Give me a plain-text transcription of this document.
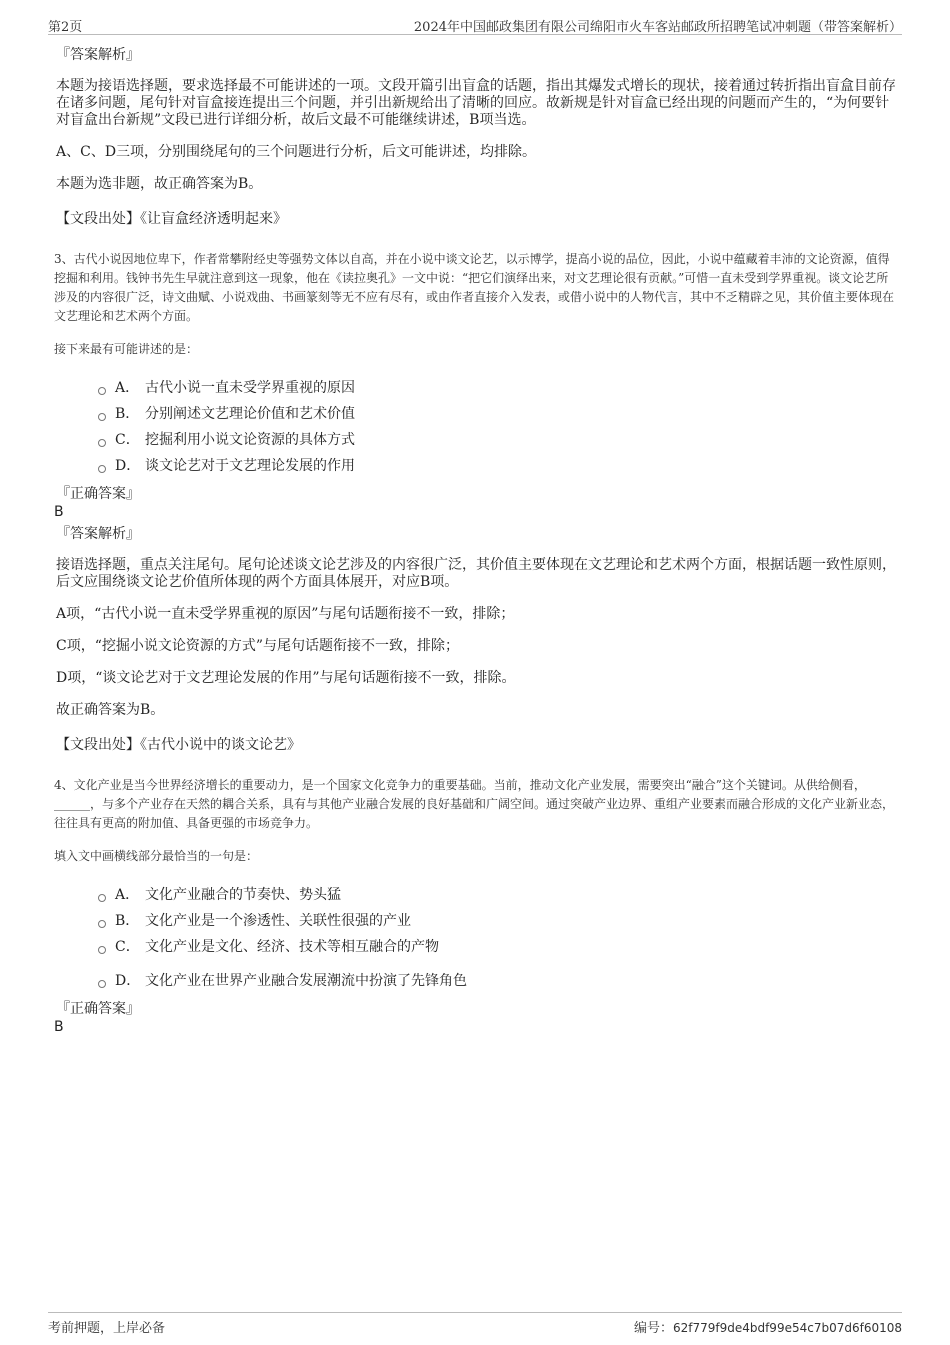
第2页	2024年中国邮政集团有限公司绵阳市火车客站邮政所招聘笔试冲刺题（带答案解析）

『答案解析』

本题为接语选择题，要求选择最不可能讲述的一项。文段开篇引出盲盒的话题，指出其爆发式增长的现状，接着通过转折指出盲盒目前存在诸多问题，尾句针对盲盒接连提出三个问题，并引出新规给出了清晰的回应。故新规是针对盲盒已经出现的问题而产生的，“为何要针对盲盒出台新规”文段已进行详细分析，故后文最不可能继续讲述，B项当选。

A、C、D三项，分别围绕尾句的三个问题进行分析，后文可能讲述，均排除。

本题为选非题，故正确答案为B。

【文段出处】《让盲盒经济透明起来》

3、古代小说因地位卑下，作者常攀附经史等强势文体以自高，并在小说中谈文论艺，以示博学，提高小说的品位，因此，小说中蕴藏着丰沛的文论资源，值得挖掘和利用。钱钟书先生早就注意到这一现象，他在《读拉奥孔》一文中说：“把它们演绎出来，对文艺理论很有贡献。”可惜一直未受到学界重视。谈文论艺所涉及的内容很广泛，诗文曲赋、小说戏曲、书画篆刻等无不应有尽有，或由作者直接介入发表，或借小说中的人物代言，其中不乏精辟之见，其价值主要体现在文艺理论和艺术两个方面。

接下来最有可能讲述的是：

A． 古代小说一直未受学界重视的原因
B． 分别阐述文艺理论价值和艺术价值
C． 挖掘利用小说文论资源的具体方式
D． 谈文论艺对于文艺理论发展的作用

『正确答案』

B

『答案解析』

接语选择题，重点关注尾句。尾句论述谈文论艺涉及的内容很广泛，其价值主要体现在文艺理论和艺术两个方面，根据话题一致性原则，后文应围绕谈文论艺价值所体现的两个方面具体展开，对应B项。

A项，“古代小说一直未受学界重视的原因”与尾句话题衔接不一致，排除；

C项，“挖掘小说文论资源的方式”与尾句话题衔接不一致，排除；

D项，“谈文论艺对于文艺理论发展的作用”与尾句话题衔接不一致，排除。

故正确答案为B。

【文段出处】《古代小说中的谈文论艺》

4、文化产业是当今世界经济增长的重要动力，是一个国家文化竞争力的重要基础。当前，推动文化产业发展，需要突出“融合”这个关键词。从供给侧看，______，与多个产业存在天然的耦合关系，具有与其他产业融合发展的良好基础和广阔空间。通过突破产业边界、重组产业要素而融合形成的文化产业新业态，往往具有更高的附加值、具备更强的市场竞争力。

填入文中画横线部分最恰当的一句是：

A． 文化产业融合的节奏快、势头猛
B． 文化产业是一个渗透性、关联性很强的产业
C． 文化产业是文化、经济、技术等相互融合的产物
D． 文化产业在世界产业融合发展潮流中扮演了先锋角色

『正确答案』

B

考前押题，上岸必备	编号：62f779f9de4bdf99e54c7b07d6f60108
